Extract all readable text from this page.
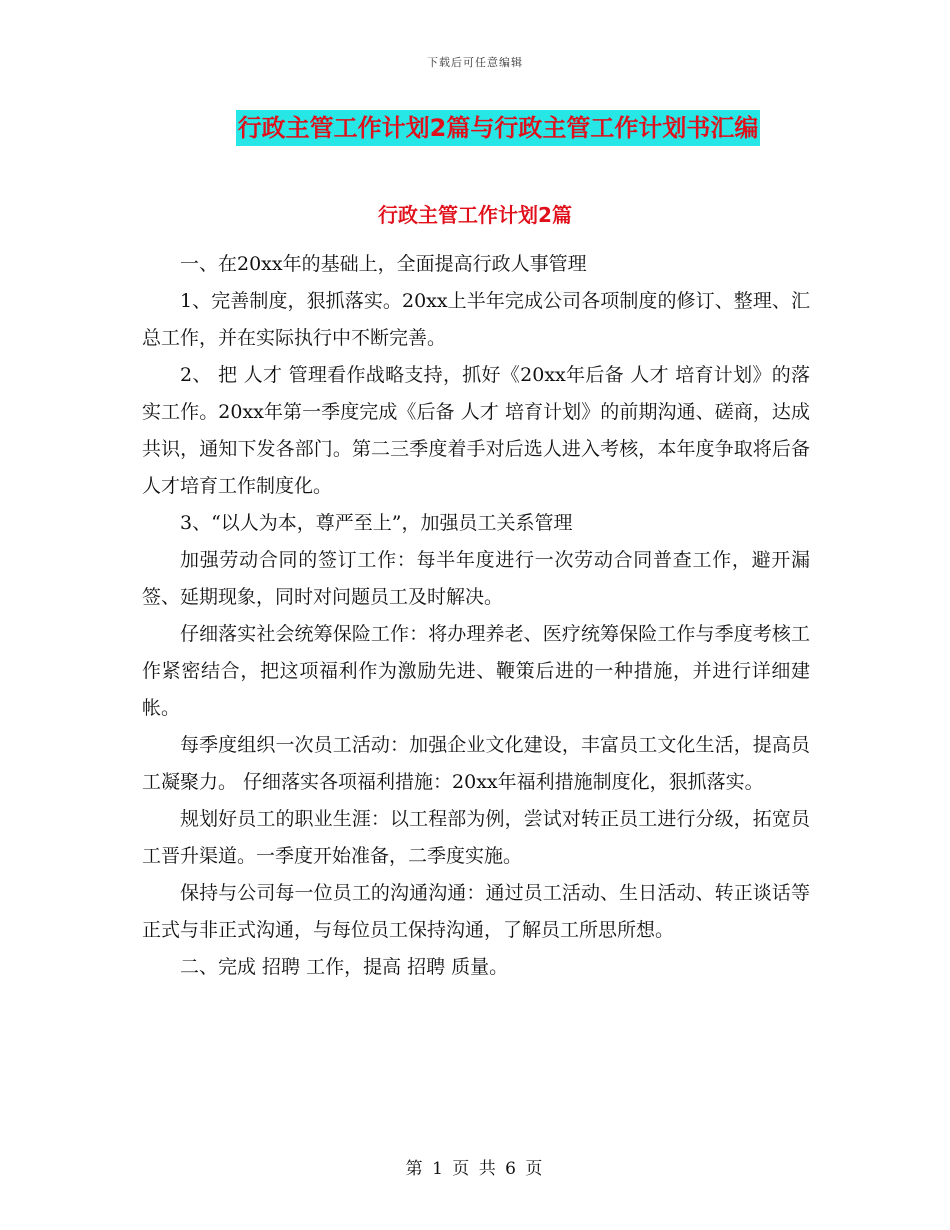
下载后可任意编辑
行政主管工作计划2篇与行政主管工作计划书汇编
行政主管工作计划2篇

一、在20xx年的基础上，全面提高行政人事管理

1、完善制度，狠抓落实。20xx上半年完成公司各项制度的修订、整理、汇总工作，并在实际执行中不断完善。

2、 把 人才 管理看作战略支持，抓好《20xx年后备 人才 培育计划》的落实工作。20xx年第一季度完成《后备 人才 培育计划》的前期沟通、磋商，达成共识，通知下发各部门。第二三季度着手对后选人进入考核，本年度争取将后备人才培育工作制度化。

3、“以人为本，尊严至上”，加强员工关系管理

加强劳动合同的签订工作：每半年度进行一次劳动合同普查工作，避开漏签、延期现象，同时对问题员工及时解决。

仔细落实社会统筹保险工作：将办理养老、医疗统筹保险工作与季度考核工作紧密结合，把这项福利作为激励先进、鞭策后进的一种措施，并进行详细建帐。

每季度组织一次员工活动：加强企业文化建设，丰富员工文化生活，提高员工凝聚力。 仔细落实各项福利措施：20xx年福利措施制度化，狠抓落实。

规划好员工的职业生涯：以工程部为例，尝试对转正员工进行分级，拓宽员工晋升渠道。一季度开始准备，二季度实施。

保持与公司每一位员工的沟通沟通：通过员工活动、生日活动、转正谈话等正式与非正式沟通，与每位员工保持沟通，了解员工所思所想。

二、完成 招聘 工作，提高 招聘 质量。

第 1 页 共 6 页
